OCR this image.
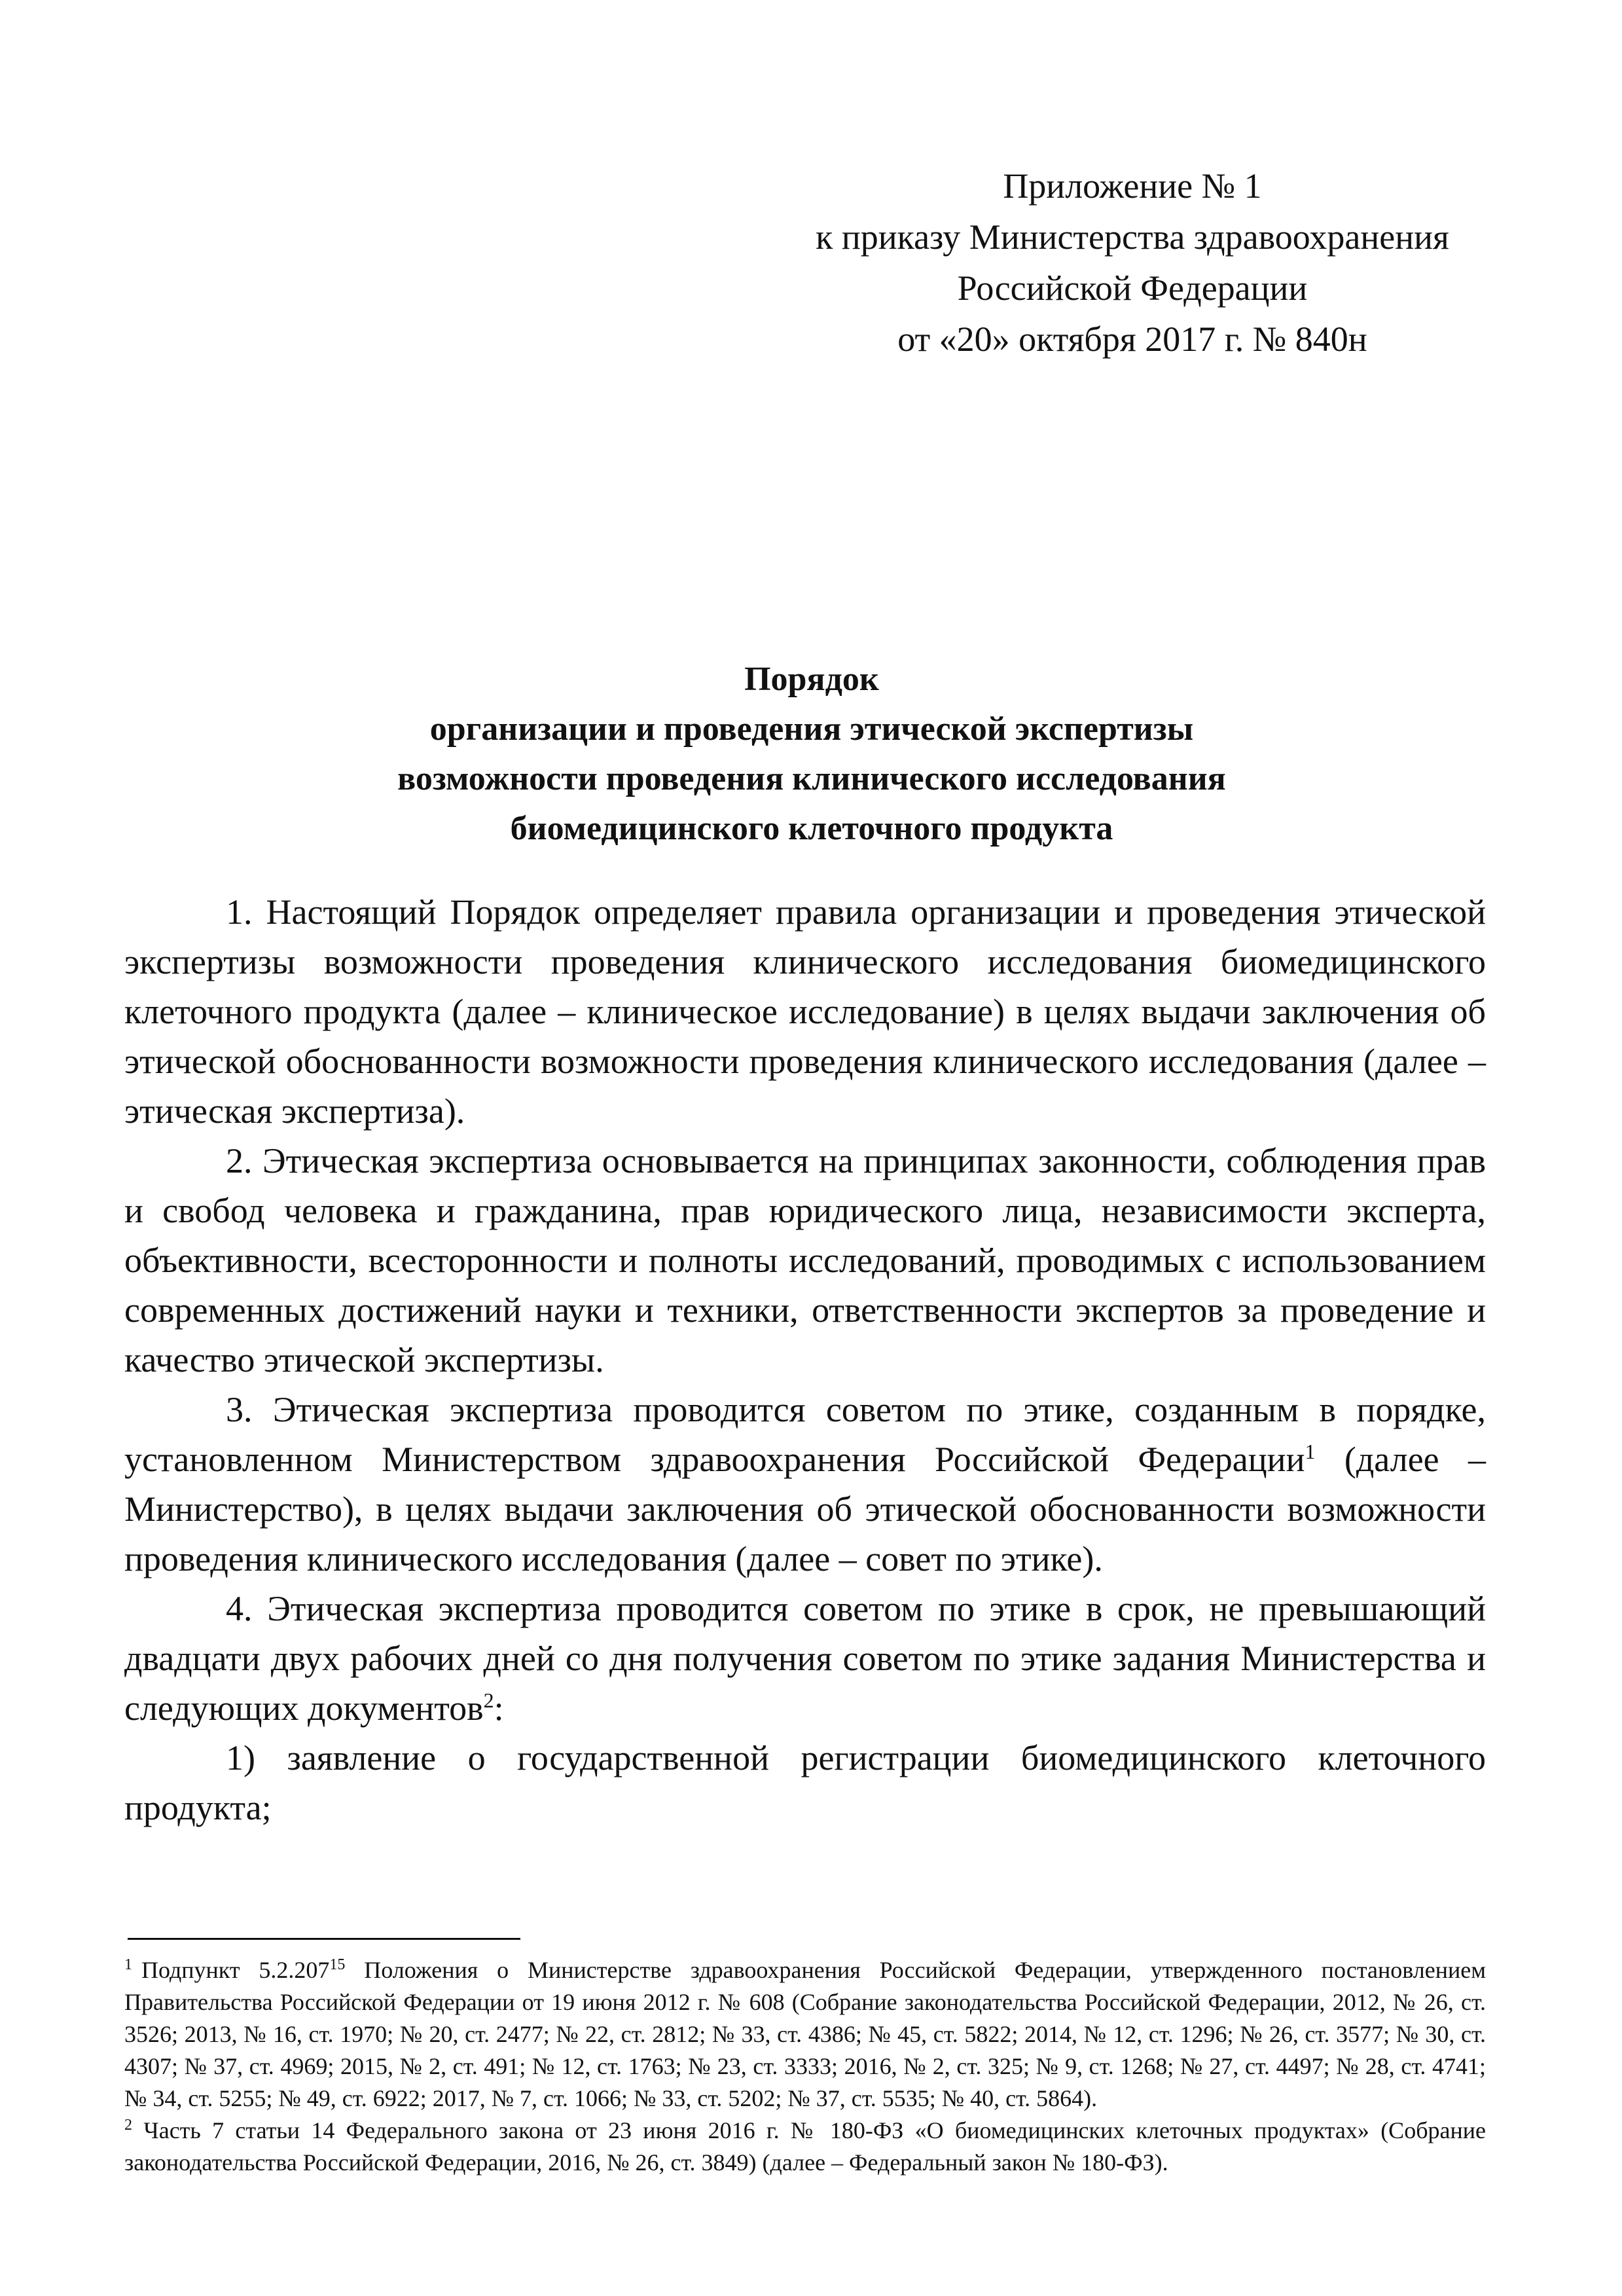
Приложение № 1
к приказу Министерства здравоохранения
Российской Федерации
от «20» октября 2017 г. № 840н
Порядок
организации и проведения этической экспертизы
возможности проведения клинического исследования
биомедицинского клеточного продукта

1. Настоящий Порядок определяет правила организации и проведения этической экспертизы возможности проведения клинического исследования биомедицинского клеточного продукта (далее – клиническое исследование) в целях выдачи заключения об этической обоснованности возможности проведения клинического исследования (далее – этическая экспертиза).

2. Этическая экспертиза основывается на принципах законности, соблюдения прав и свобод человека и гражданина, прав юридического лица, независимости эксперта, объективности, всесторонности и полноты исследований, проводимых с использованием современных достижений науки и техники, ответственности экспертов за проведение и качество этической экспертизы.

3. Этическая экспертиза проводится советом по этике, созданным в порядке, установленном Министерством здравоохранения Российской Федерации$^1$ (далее – Министерство), в целях выдачи заключения об этической обоснованности возможности проведения клинического исследования (далее – совет по этике).

4. Этическая экспертиза проводится советом по этике в срок, не превышающий двадцати двух рабочих дней со дня получения советом по этике задания Министерства и следующих документов$^2$:

1) заявление о государственной регистрации биомедицинского клеточного продукта;

$^1$ Подпункт 5.2.207$^{15}$ Положения о Министерстве здравоохранения Российской Федерации, утвержденного постановлением Правительства Российской Федерации от 19 июня 2012 г. № 608 (Собрание законодательства Российской Федерации, 2012, № 26, ст. 3526; 2013, № 16, ст. 1970; № 20, ст. 2477; № 22, ст. 2812; № 33, ст. 4386; № 45, ст. 5822; 2014, № 12, ст. 1296; № 26, ст. 3577; № 30, ст. 4307; № 37, ст. 4969; 2015, № 2, ст. 491; № 12, ст. 1763; № 23, ст. 3333; 2016, № 2, ст. 325; № 9, ст. 1268; № 27, ст. 4497; № 28, ст. 4741; № 34, ст. 5255; № 49, ст. 6922; 2017, № 7, ст. 1066; № 33, ст. 5202; № 37, ст. 5535; № 40, ст. 5864).

$^2$ Часть 7 статьи 14 Федерального закона от 23 июня 2016 г. № 180-ФЗ «О биомедицинских клеточных продуктах» (Собрание законодательства Российской Федерации, 2016, № 26, ст. 3849) (далее – Федеральный закон № 180-ФЗ).
